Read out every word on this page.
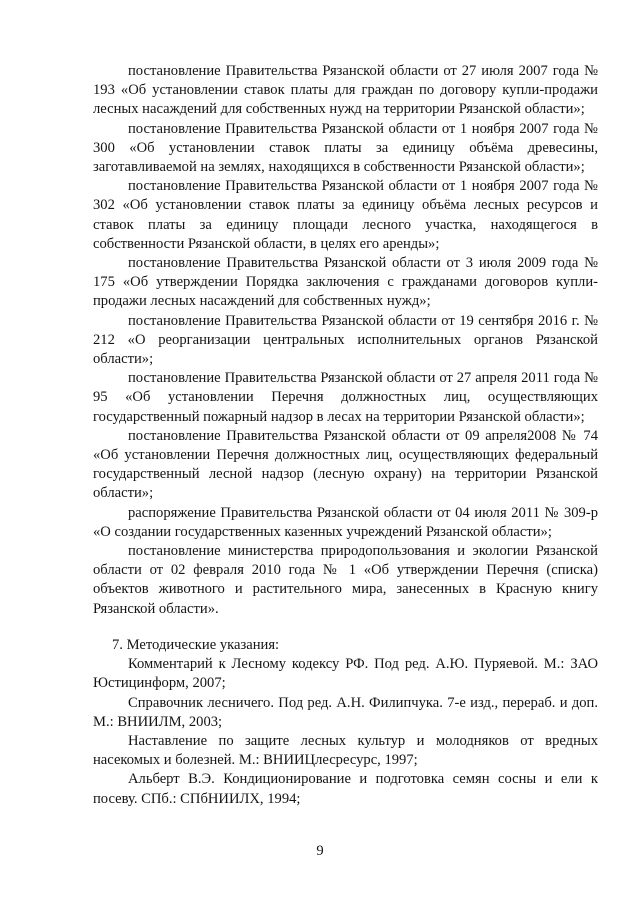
постановление Правительства Рязанской области от 27 июля 2007 года № 193 «Об установлении ставок платы для граждан по договору купли-продажи лесных насаждений для собственных нужд на территории Рязанской области»;

постановление Правительства Рязанской области от 1 ноября 2007 года № 300 «Об установлении ставок платы за единицу объёма древесины, заготавливаемой на землях, находящихся в собственности Рязанской области»;

постановление Правительства Рязанской области от 1 ноября 2007 года № 302 «Об установлении ставок платы за единицу объёма лесных ресурсов и ставок платы за единицу площади лесного участка, находящегося в собственности Рязанской области, в целях его аренды»;

постановление Правительства Рязанской области от 3 июля 2009 года № 175 «Об утверждении Порядка заключения с гражданами договоров купли-продажи лесных насаждений для собственных нужд»;

постановление Правительства Рязанской области от 19 сентября 2016 г. № 212 «О реорганизации центральных исполнительных органов Рязанской области»;

постановление Правительства Рязанской области от 27 апреля 2011 года № 95 «Об установлении Перечня должностных лиц, осуществляющих государственный пожарный надзор в лесах на территории Рязанской области»;

постановление Правительства Рязанской области от 09 апреля2008 № 74 «Об установлении Перечня должностных лиц, осуществляющих федеральный государственный лесной надзор (лесную охрану) на территории Рязанской области»;

распоряжение Правительства Рязанской области от 04 июля 2011 № 309-р «О создании государственных казенных учреждений Рязанской области»;

постановление министерства природопользования и экологии Рязанской области от 02 февраля 2010 года № 1 «Об утверждении Перечня (списка) объектов животного и растительного мира, занесенных в Красную книгу Рязанской области».

7. Методические указания:

Комментарий к Лесному кодексу РФ. Под ред. А.Ю. Пуряевой. М.: ЗАО Юстицинформ, 2007;

Справочник лесничего. Под ред. А.Н. Филипчука. 7-е изд., перераб. и доп. М.: ВНИИЛМ, 2003;

Наставление по защите лесных культур и молодняков от вредных насекомых и болезней. М.: ВНИИЦлесресурс, 1997;

Альберт В.Э. Кондиционирование и подготовка семян сосны и ели к посеву. СПб.: СПбНИИЛХ, 1994;

9
